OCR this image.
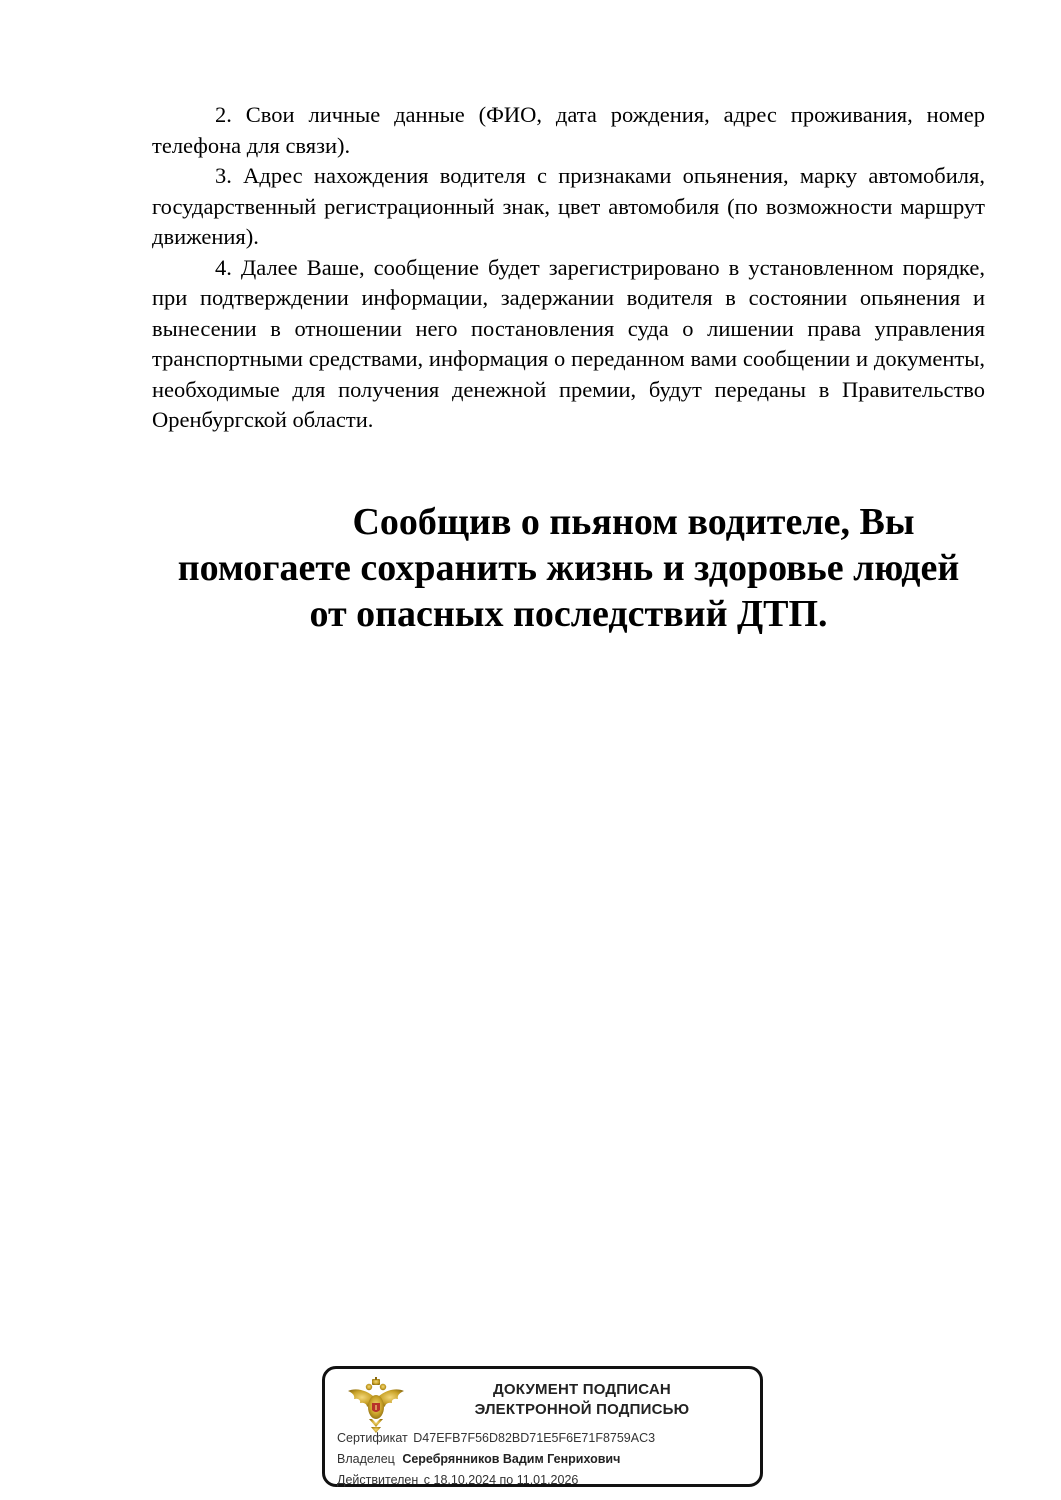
2. Свои личные данные (ФИО, дата рождения, адрес проживания, номер телефона для связи).

3. Адрес нахождения водителя с признаками опьянения, марку автомобиля, государственный регистрационный знак, цвет автомобиля (по возможности маршрут движения).

4. Далее Ваше, сообщение будет зарегистрировано в установленном порядке, при подтверждении информации, задержании водителя в состоянии опьянения и вынесении в отношении него постановления суда о лишении права управления транспортными средствами, информация о переданном вами сообщении и документы, необходимые для получения денежной премии, будут переданы в Правительство Оренбургской области.

Сообщив о пьяном водителе, Вы
помогаете сохранить жизнь и здоровье людей
от опасных последствий ДТП.
ДОКУМЕНТ ПОДПИСАН
ЭЛЕКТРОННОЙ ПОДПИСЬЮ
Сертификат D47EFB7F56D82BD71E5F6E71F8759AC3
Владелец Серебрянников Вадим Генрихович
Действителен с 18.10.2024 по 11.01.2026
